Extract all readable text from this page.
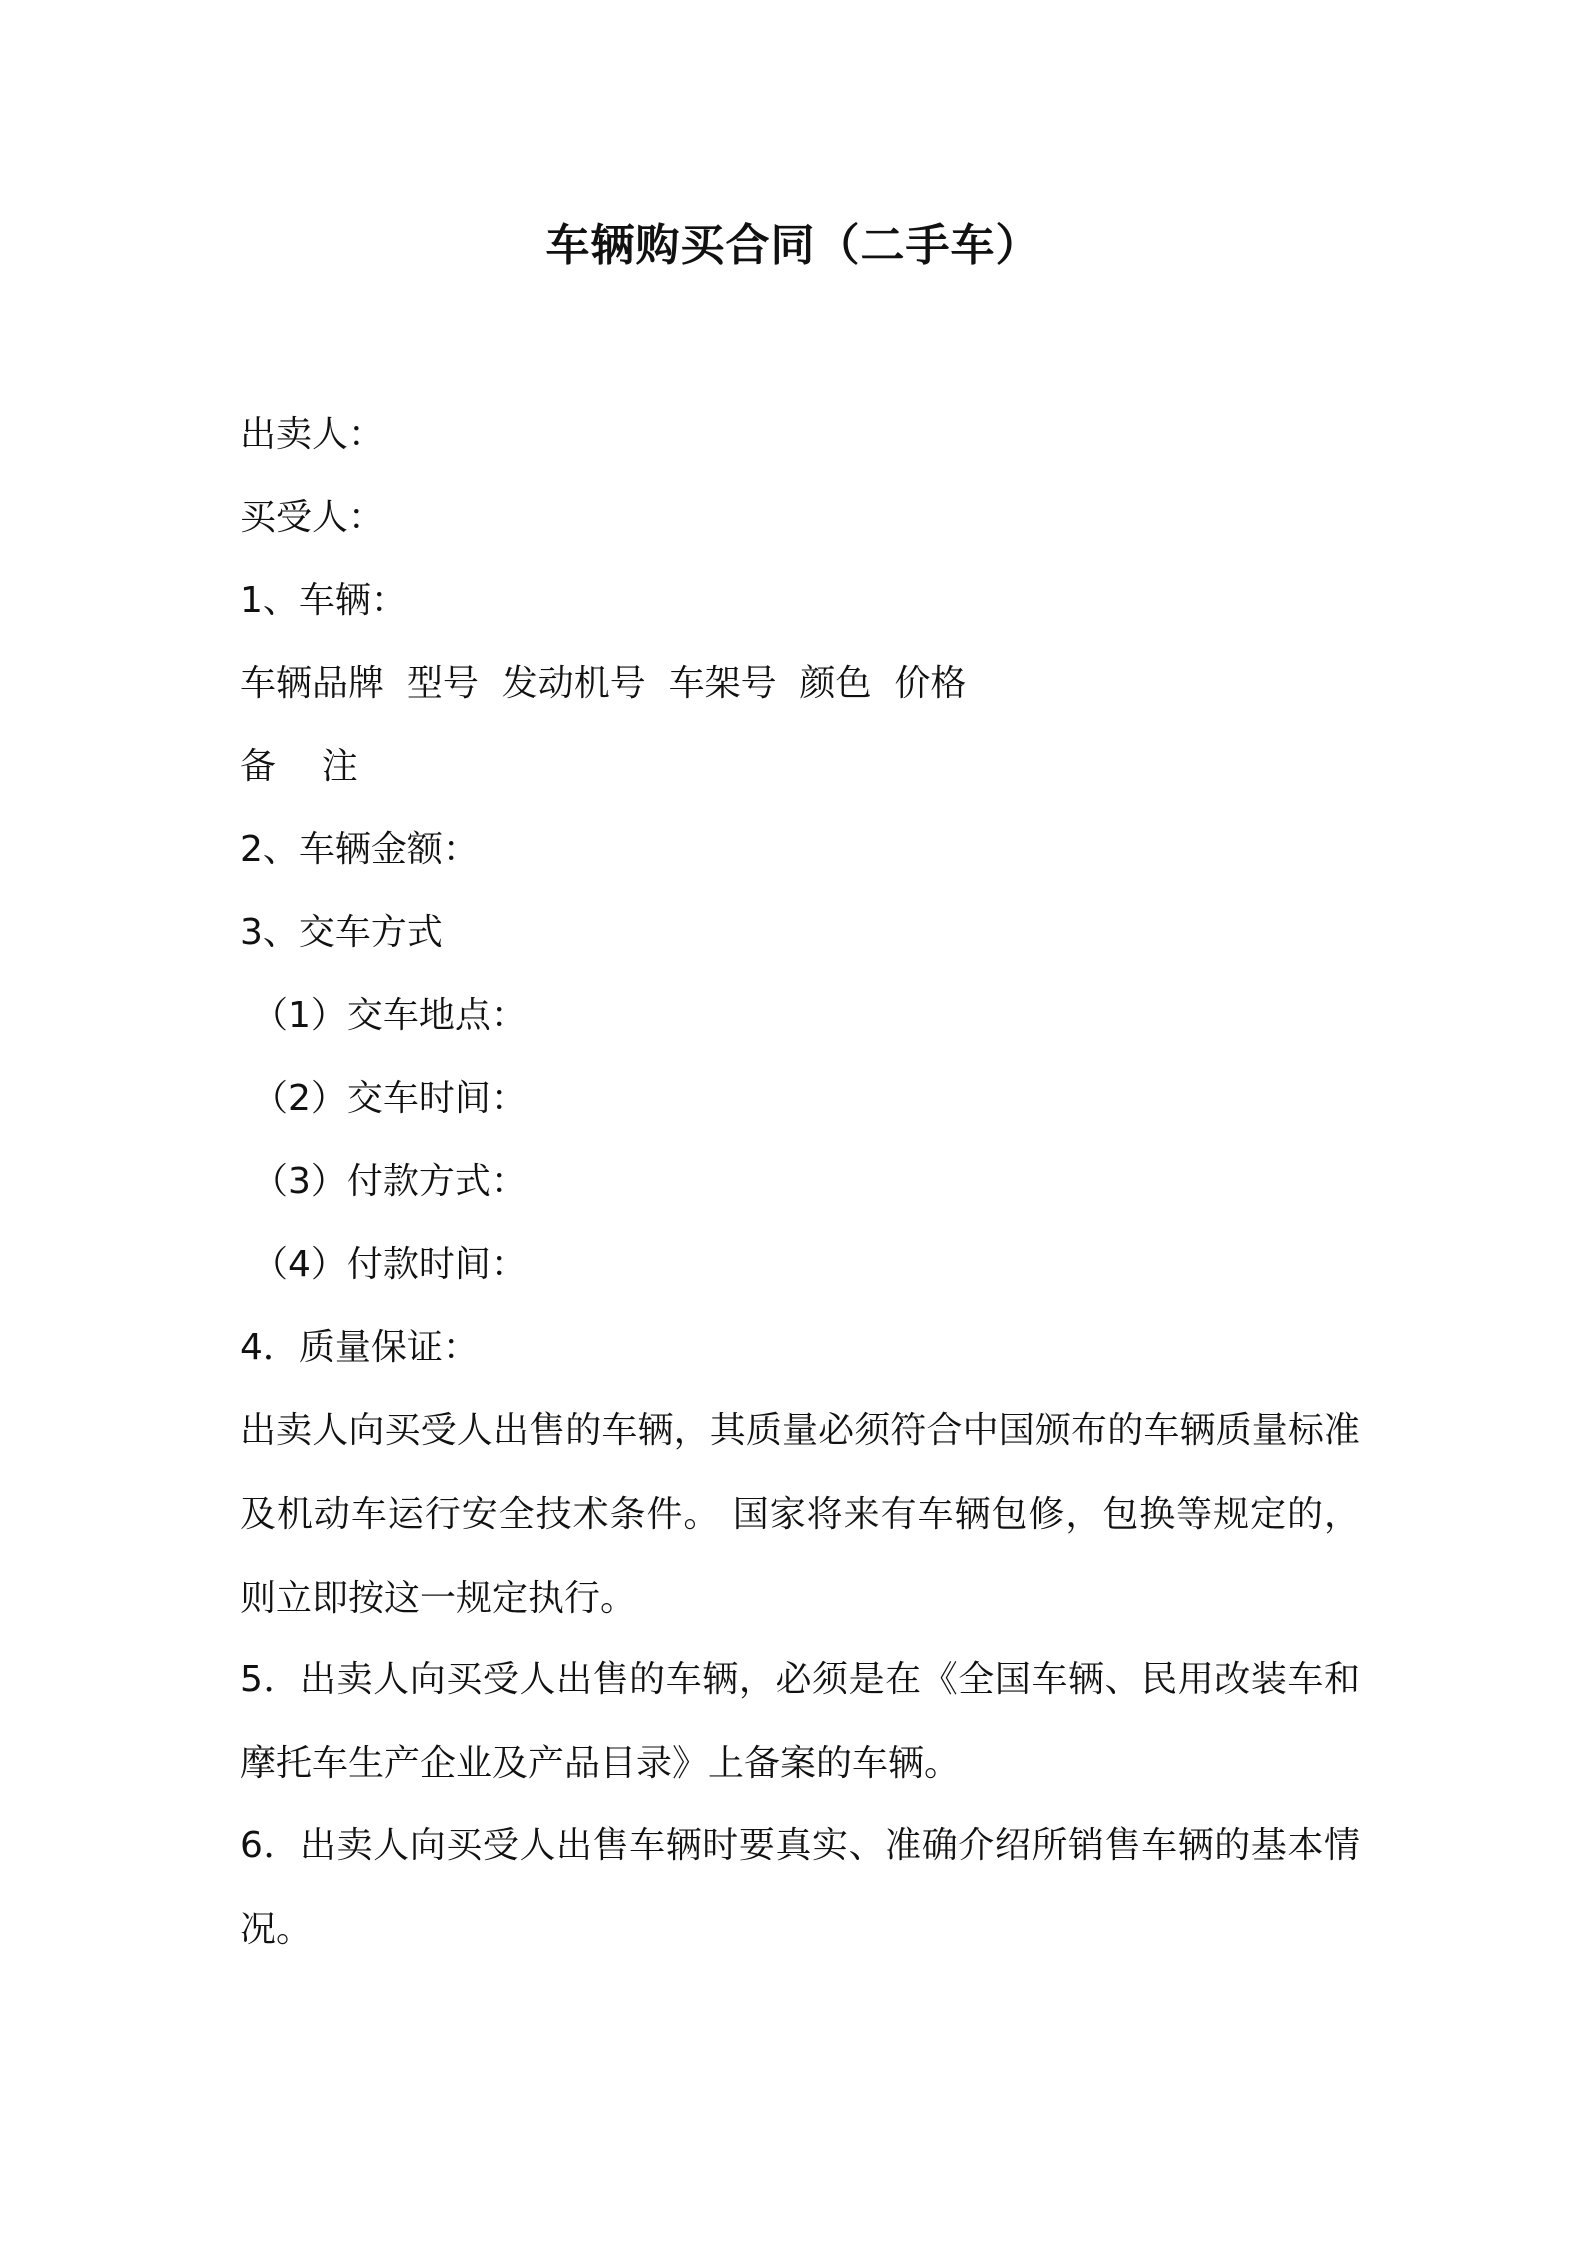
车辆购买合同（二手车）

出卖人：

买受人：

1、车辆：

车辆品牌  型号  发动机号  车架号  颜色  价格

备    注

2、车辆金额：

3、交车方式

（1）交车地点：

（2）交车时间：

（3）付款方式：

（4）付款时间：

4．质量保证：

出卖人向买受人出售的车辆，其质量必须符合中国颁布的车辆质量标准及机动车运行安全技术条件。 国家将来有车辆包修，包换等规定的，则立即按这一规定执行。

5．出卖人向买受人出售的车辆，必须是在《全国车辆、民用改装车和摩托车生产企业及产品目录》上备案的车辆。

6．出卖人向买受人出售车辆时要真实、准确介绍所销售车辆的基本情况。
